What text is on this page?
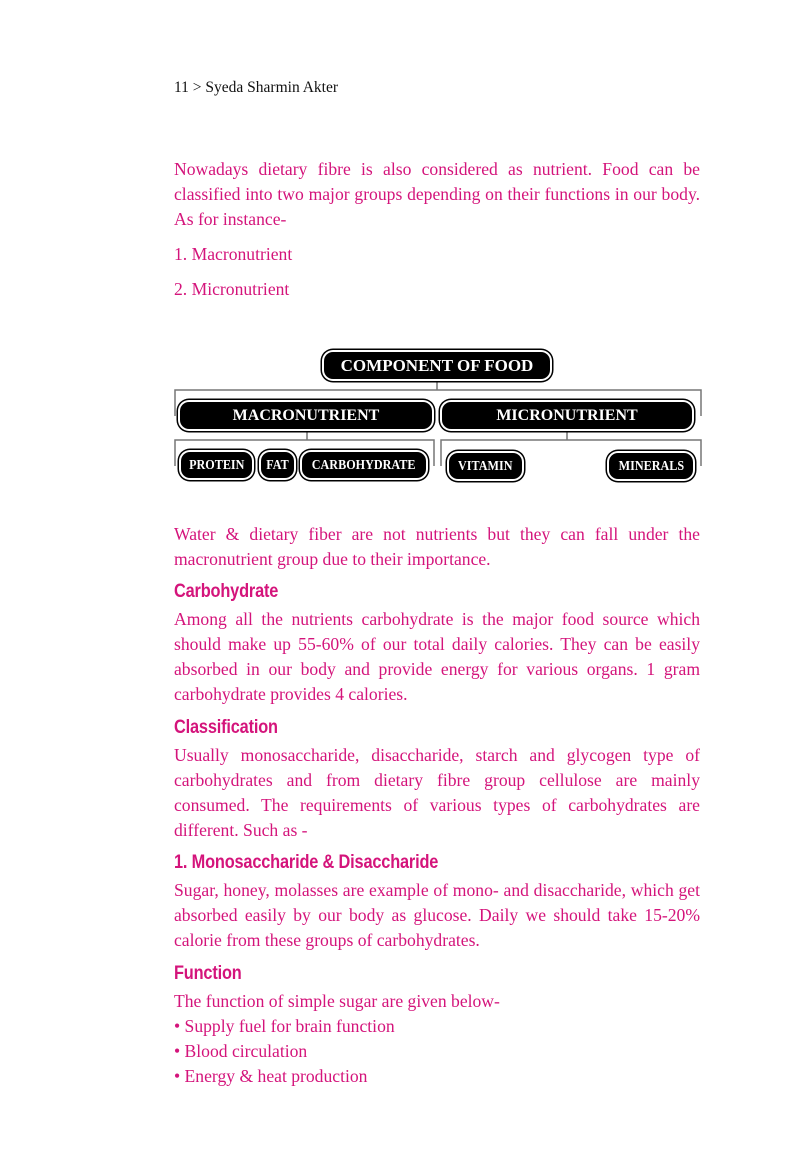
11 > Syeda Sharmin Akter

Nowadays dietary fibre is also considered as nutrient. Food can be classified into two major groups depending on their functions in our body. As for instance-

1. Macronutrient

2. Micronutrient

COMPONENT OF FOOD
MACRONUTRIENT	MICRONUTRIENT
PROTEIN FAT CARBOHYDRATE	VITAMIN	MINERALS

Water & dietary fiber are not nutrients but they can fall under the macronutrient group due to their importance.

Carbohydrate

Among all the nutrients carbohydrate is the major food source which should make up 55-60% of our total daily calories. They can be easily absorbed in our body and provide energy for various organs. 1 gram carbohydrate provides 4 calories.

Classification

Usually monosaccharide, disaccharide, starch and glycogen type of carbohydrates and from dietary fibre group cellulose are mainly consumed. The requirements of various types of carbohydrates are different. Such as -

1. Monosaccharide & Disaccharide

Sugar, honey, molasses are example of mono- and disaccharide, which get absorbed easily by our body as glucose. Daily we should take 15-20% calorie from these groups of carbohydrates.

Function

The function of simple sugar are given below-

• Supply fuel for brain function

• Blood circulation

• Energy & heat production
